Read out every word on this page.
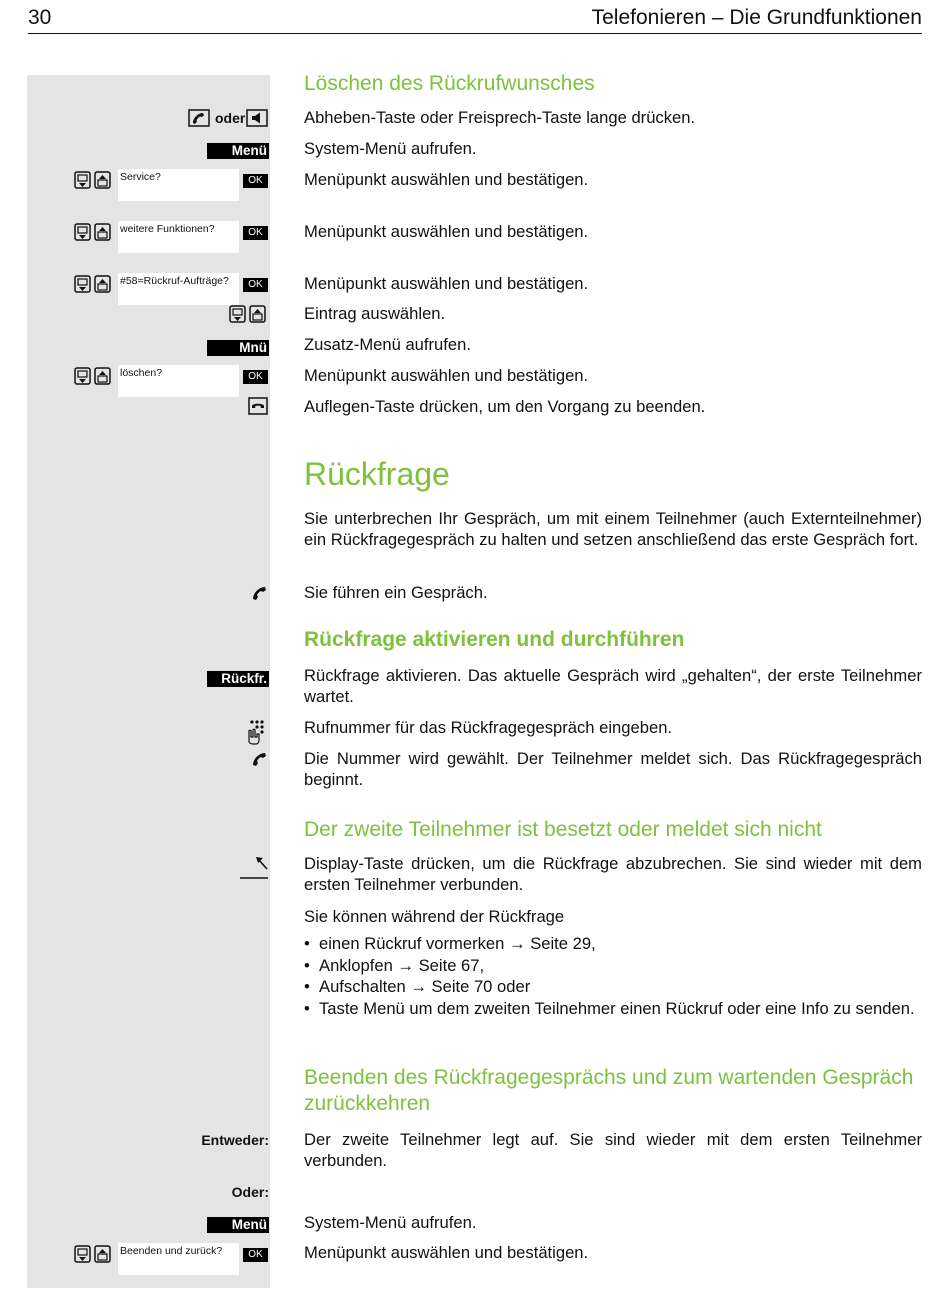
30	Telefonieren – Die Grundfunktionen
Löschen des Rückrufwunsches
oder	Abheben-Taste oder Freisprech-Taste lange drücken.
Menü System-Menü aufrufen.
Service?	OK	Menüpunkt auswählen und bestätigen.
weitere Funktionen?	OK	Menüpunkt auswählen und bestätigen.
#58=Rückruf-Aufträge?	OK	Menüpunkt auswählen und bestätigen.
Eintrag auswählen.
Mnü Zusatz-Menü aufrufen.
löschen?	OK	Menüpunkt auswählen und bestätigen.
Auflegen-Taste drücken, um den Vorgang zu beenden.
Rückfrage
Sie unterbrechen Ihr Gespräch, um mit einem Teilnehmer (auch Externteilnehmer) ein Rückfragegespräch zu halten und setzen anschließend das erste Gespräch fort.
Sie führen ein Gespräch.
Rückfrage aktivieren und durchführen
Rückfr. Rückfrage aktivieren. Das aktuelle Gespräch wird „gehalten“, der erste Teilnehmer wartet.
Rufnummer für das Rückfragegespräch eingeben.
Die Nummer wird gewählt. Der Teilnehmer meldet sich. Das Rückfragegespräch beginnt.
Der zweite Teilnehmer ist besetzt oder meldet sich nicht
Display-Taste drücken, um die Rückfrage abzubrechen. Sie sind wieder mit dem ersten Teilnehmer verbunden.
Sie können während der Rückfrage
• einen Rückruf vormerken → Seite 29,
• Anklopfen → Seite 67,
• Aufschalten → Seite 70 oder
• Taste Menü um dem zweiten Teilnehmer einen Rückruf oder eine Info zu senden.
Beenden des Rückfragegesprächs und zum wartenden Gespräch zurückkehren
Entweder: Der zweite Teilnehmer legt auf. Sie sind wieder mit dem ersten Teilnehmer verbunden.
Oder:
Menü System-Menü aufrufen.
Beenden und zurück?	OK	Menüpunkt auswählen und bestätigen.
